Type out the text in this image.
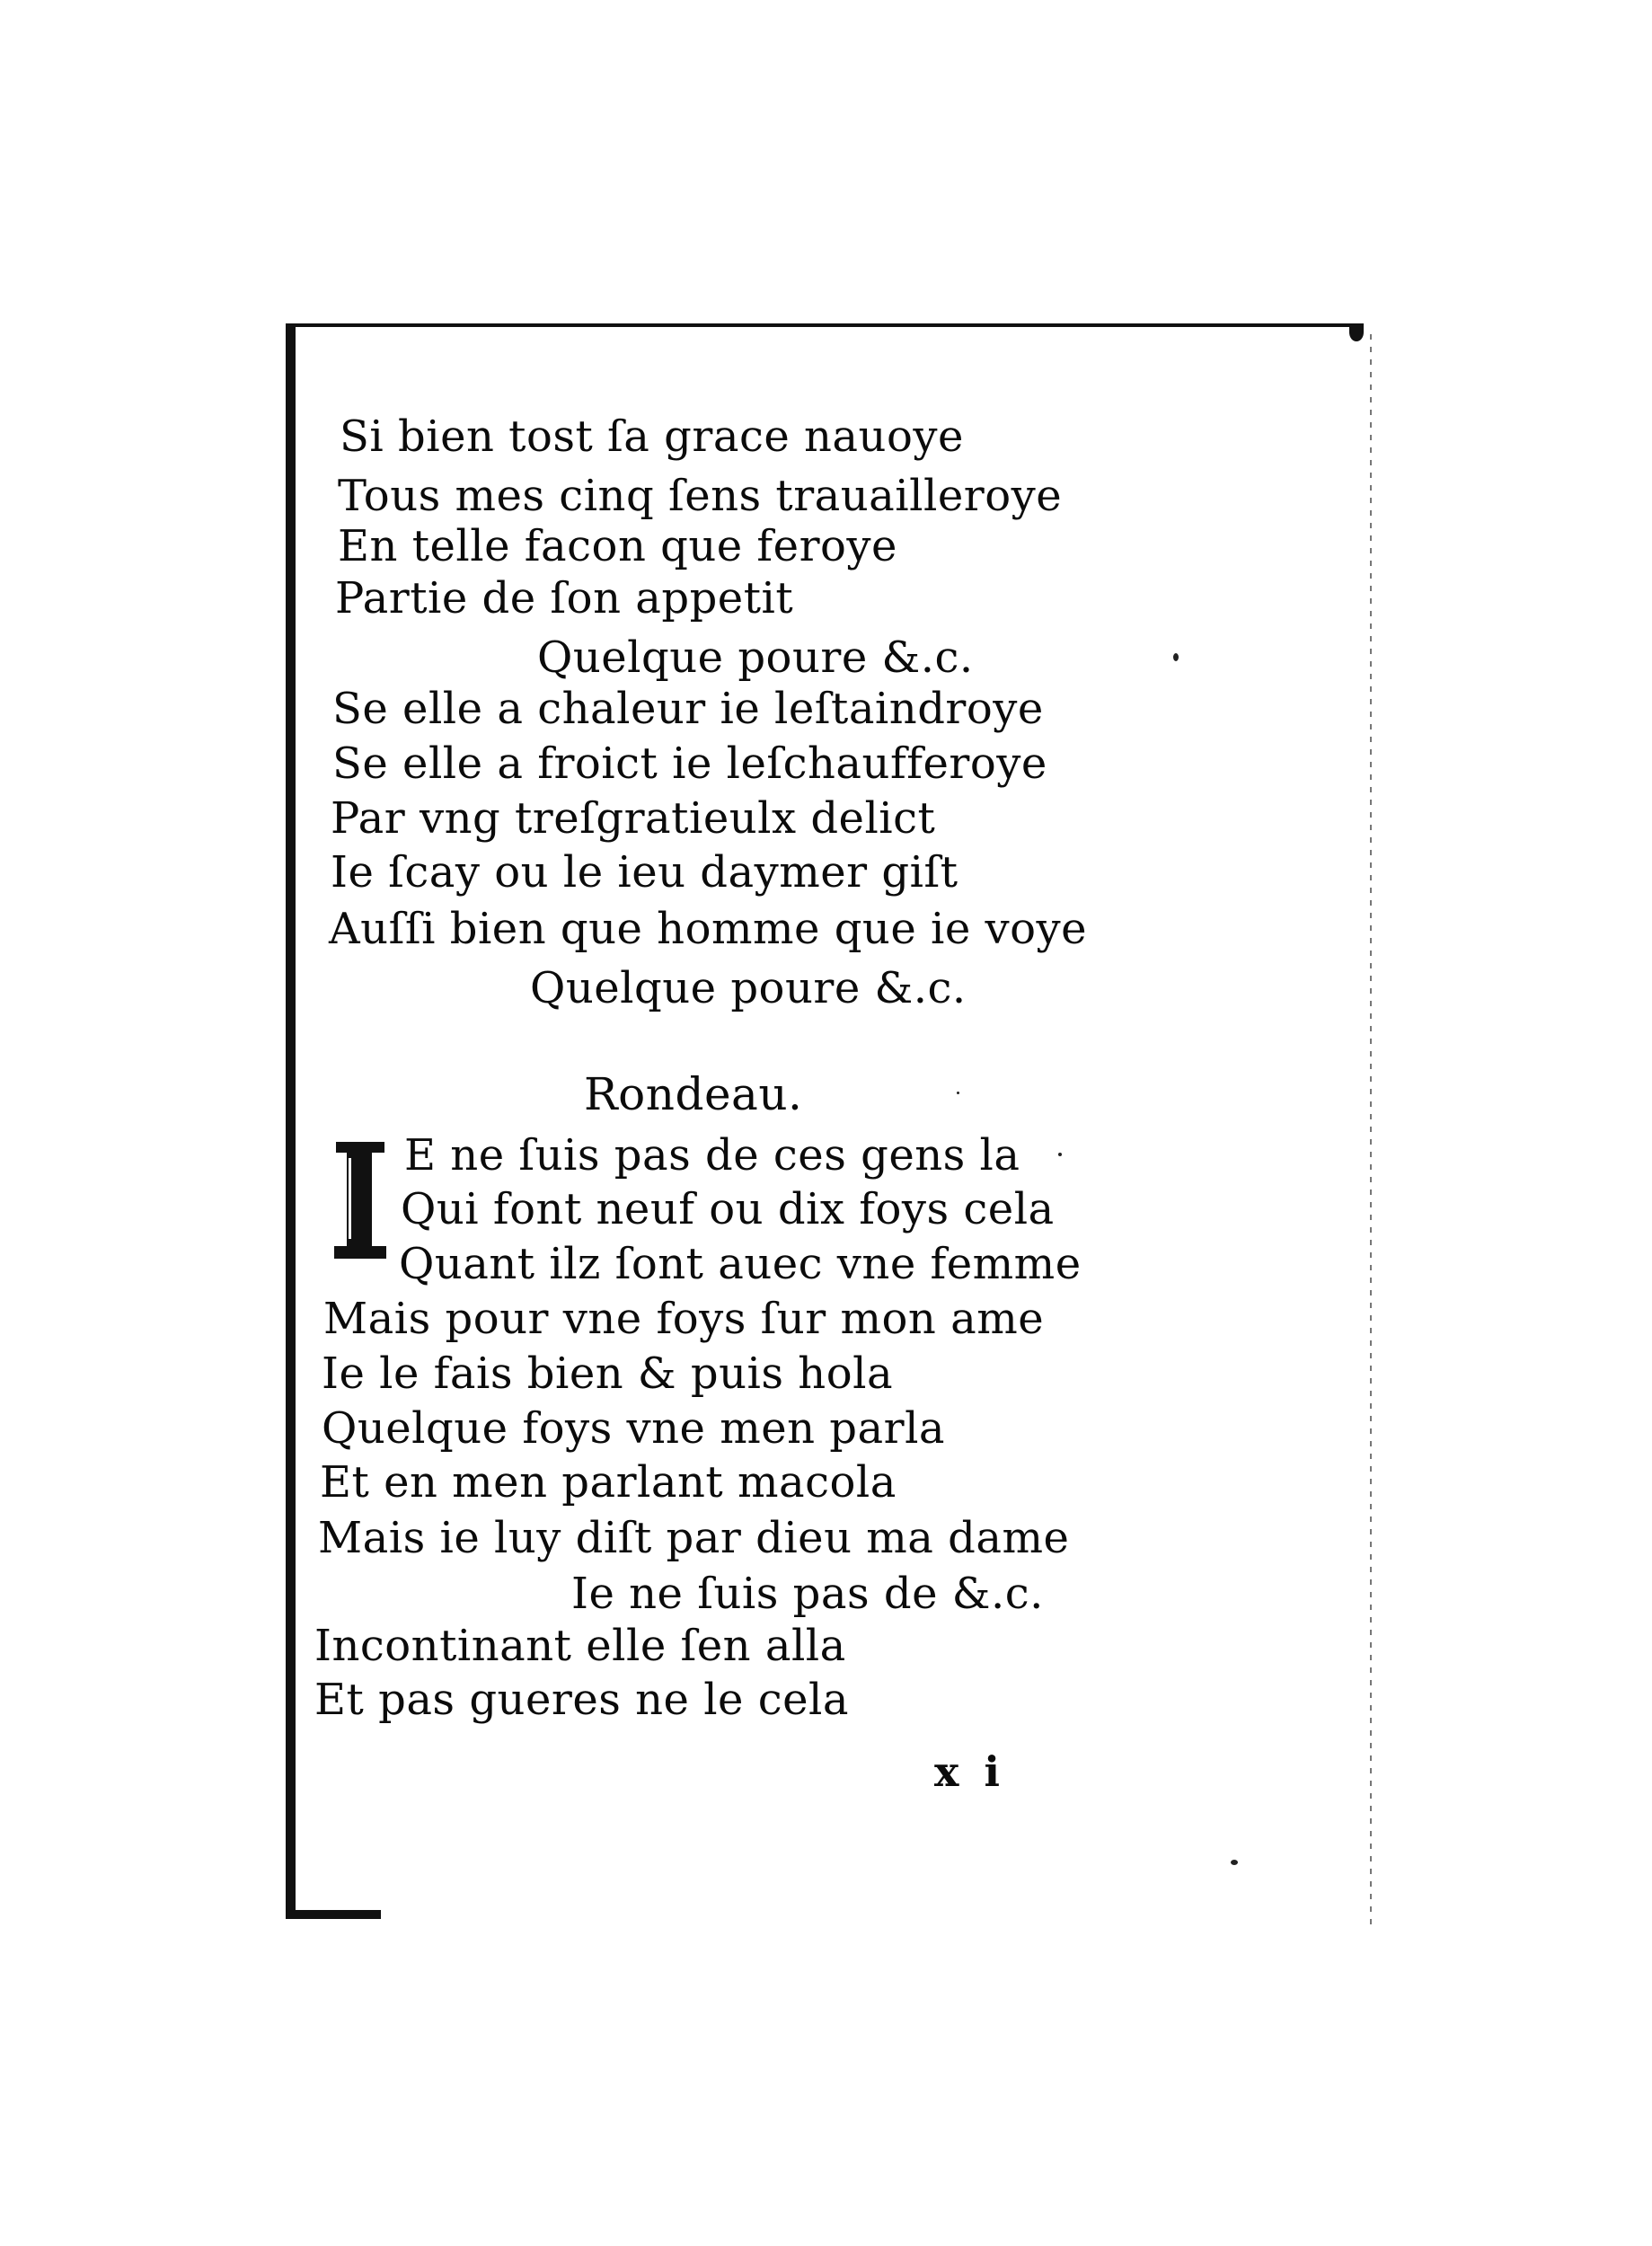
Si bien tost ſa grace nauoye
Tous mes cinq ſens trauailleroye
En telle facon que feroye
Partie de ſon appetit
Quelque poure &.c.
Se elle a chaleur ie leſtaindroye
Se elle a froict ie leſchaufferoye
Par vng treſgratieulx delict
Ie ſcay ou le ieu daymer giſt
Auſſi bien que homme que ie voye
Quelque poure &.c.
Rondeau.
E ne ſuis pas de ces gens la
Qui font neuf ou dix foys cela
Quant ilz ſont auec vne femme
Mais pour vne foys ſur mon ame
Ie le fais bien & puis hola
Quelque foys vne men parla
Et en men parlant macola
Mais ie luy diſt par dieu ma dame
Ie ne ſuis pas de &.c.
Incontinant elle ſen alla
Et pas gueres ne le cela
x i
